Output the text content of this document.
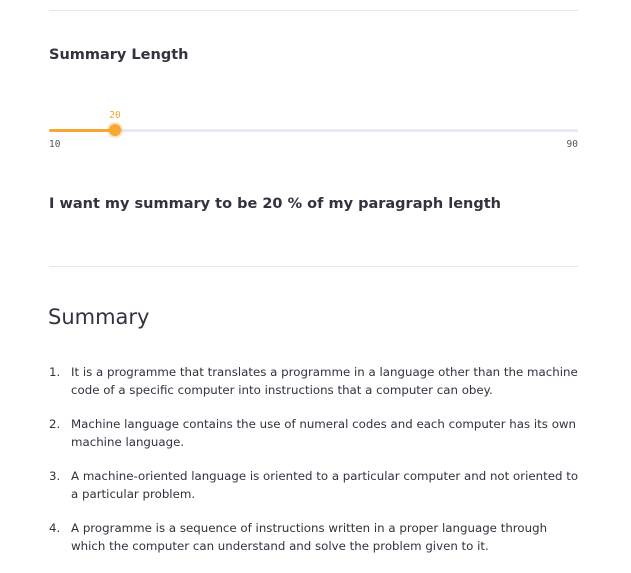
Summary Length
20
10	90
I want my summary to be 20 % of my paragraph length
Summary
1. It is a programme that translates a programme in a language other than the machine code of a specific computer into instructions that a computer can obey.
2. Machine language contains the use of numeral codes and each computer has its own machine language.
3. A machine-oriented language is oriented to a particular computer and not oriented to a particular problem.
4. A programme is a sequence of instructions written in a proper language through which the computer can understand and solve the problem given to it.
